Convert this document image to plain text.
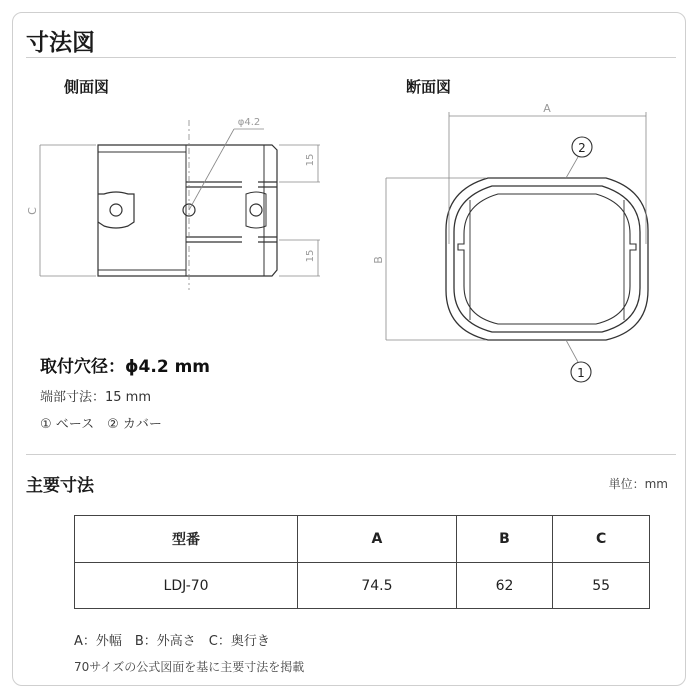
寸法図
側面図	断面図
C
φ4.2
15
15
A
B
2
1
取付穴径：ϕ4.2 mm
端部寸法：15 mm
① ベース　② カバー
主要寸法	単位：mm
型番	A	B	C
LDJ-70	74.5	62	55
A：外幅　B：外高さ　C：奥行き
70サイズの公式図面を基に主要寸法を掲載
